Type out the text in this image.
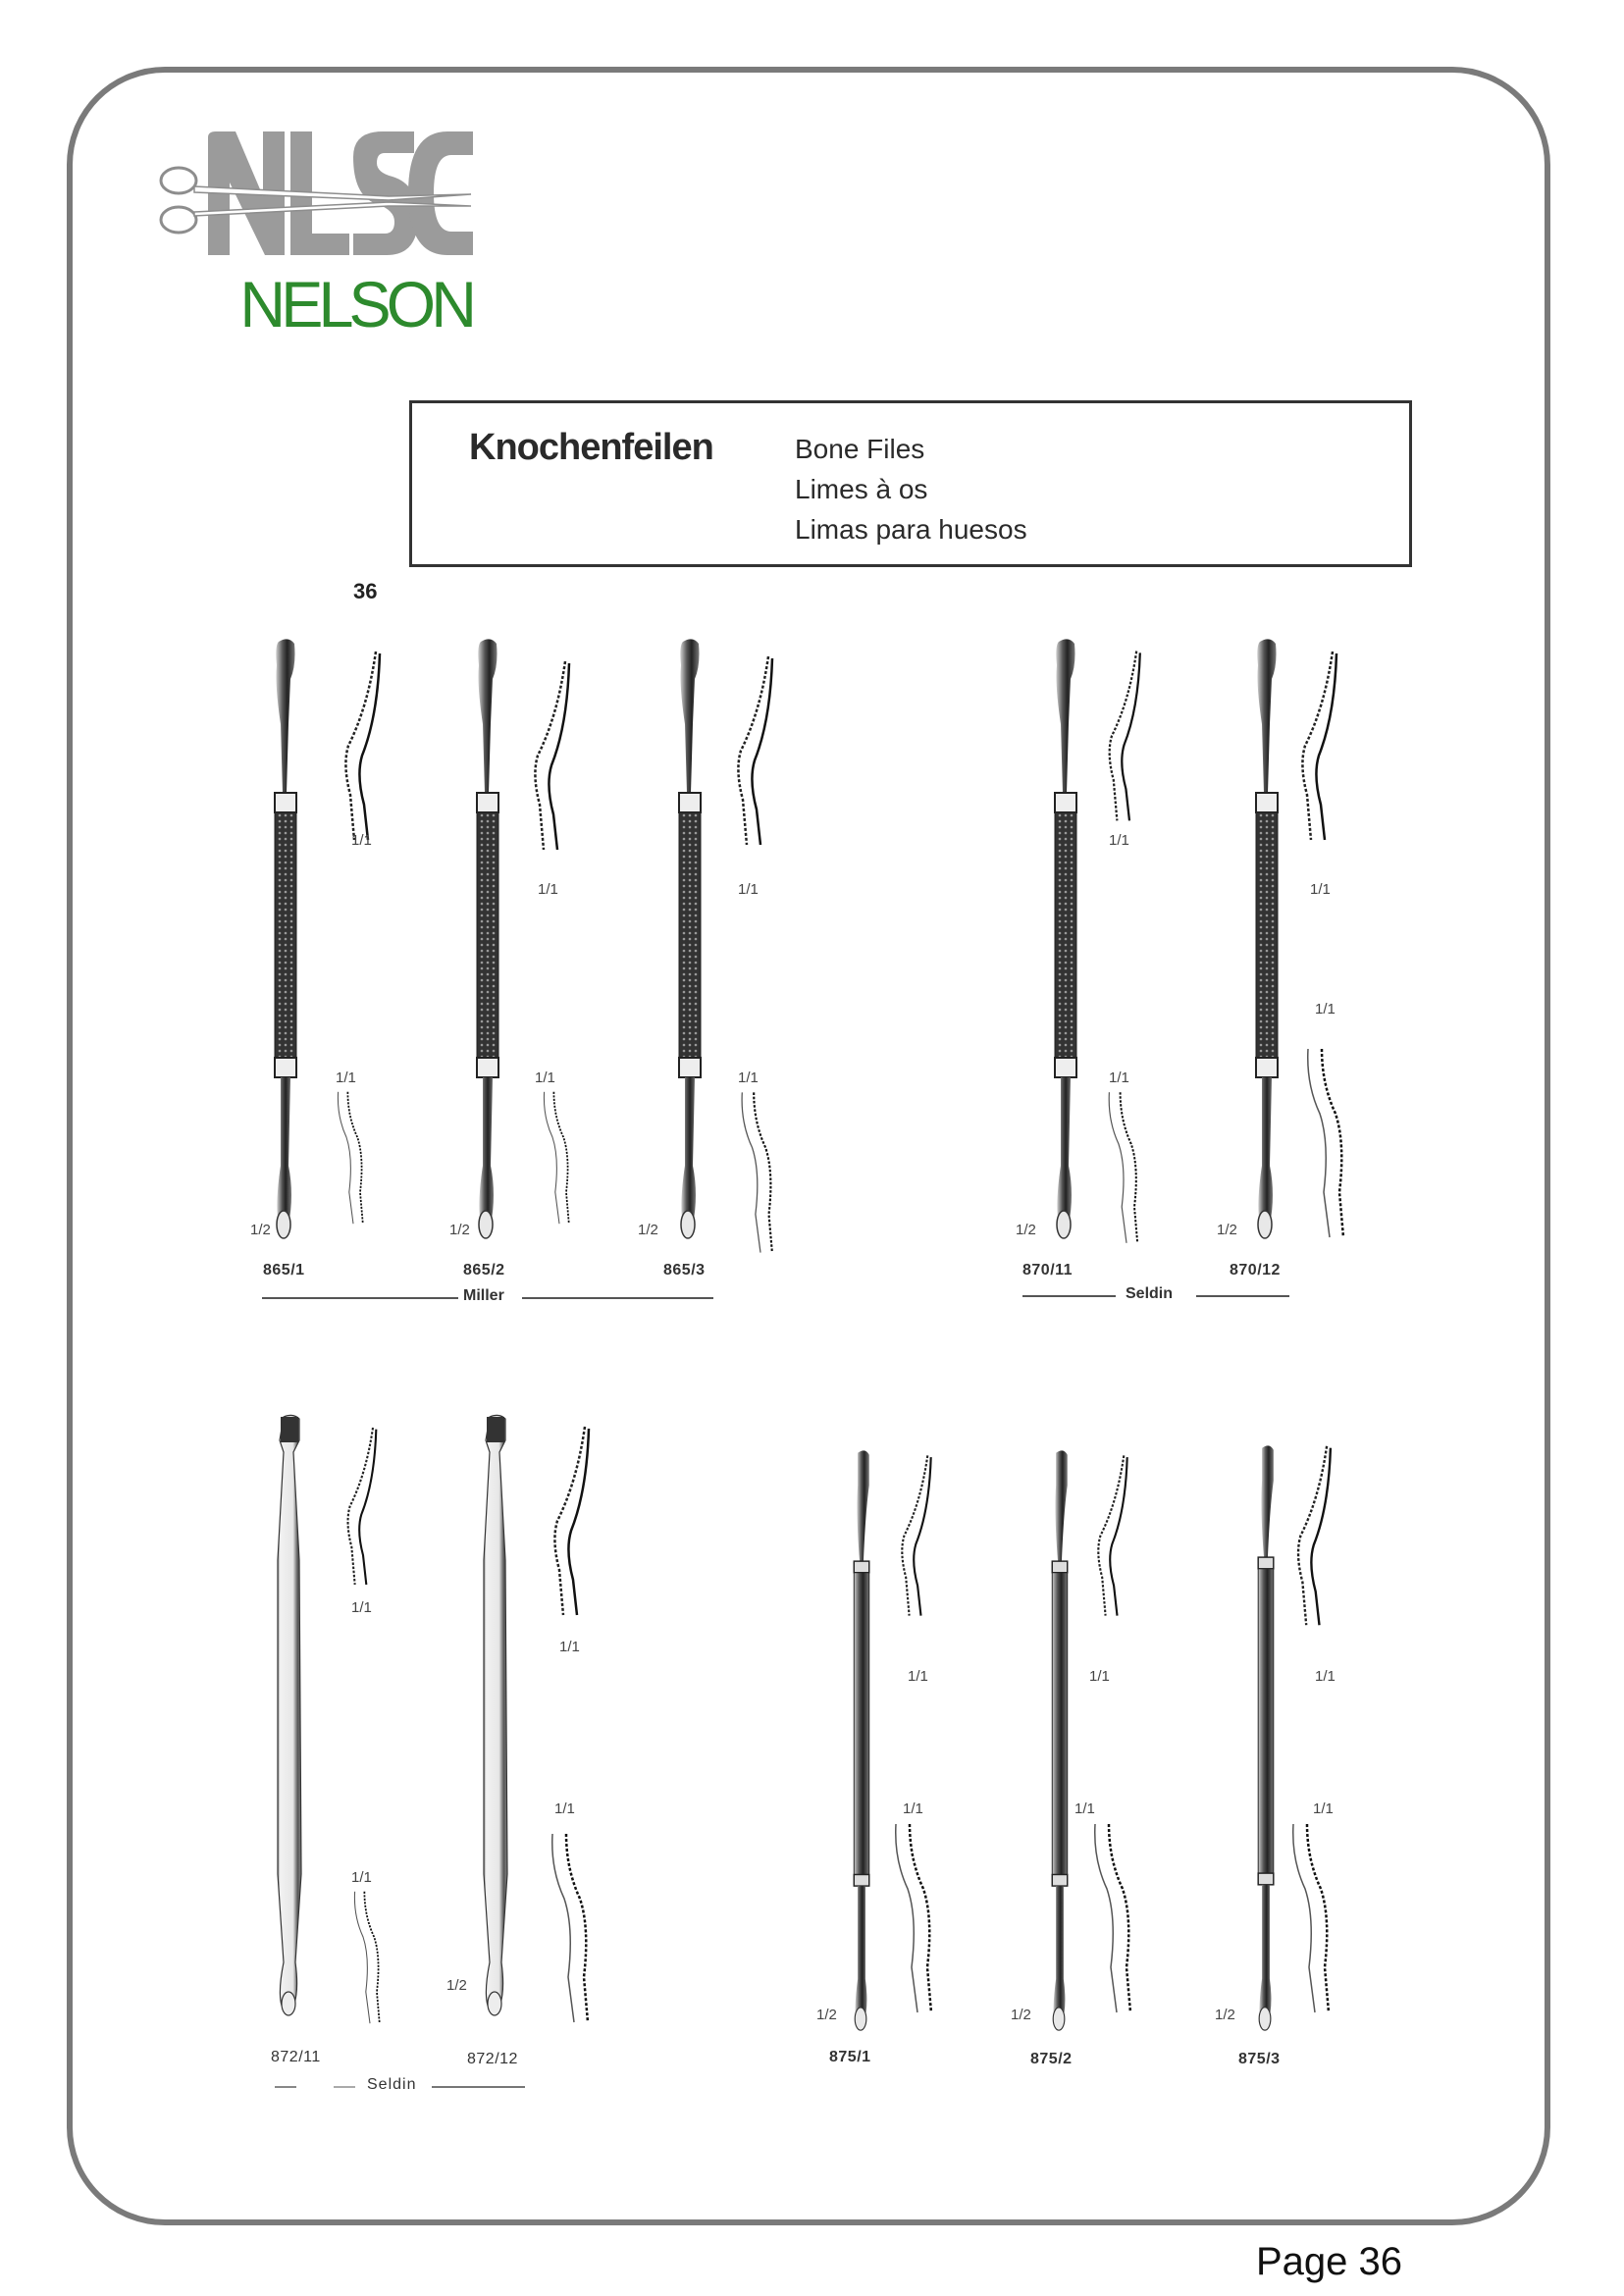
NELSON
Knochenfeilen	Bone Files
Limes à os
Limas para huesos
36
1/1
1/1	1/1
1/1
1/1
1/1	1/1	1/1	1/1
1/1
1/2	1/2	1/2	1/2	1/2
865/1	865/2	865/3	870/11	870/12
Miller	Seldin
1/1
1/1
1/1	1/1	1/1
1/1
1/1	1/1	1/1	1/1
1/2
1/2	1/2	1/2
872/11	872/12	875/1	875/2	875/3
Seldin
Page 36
